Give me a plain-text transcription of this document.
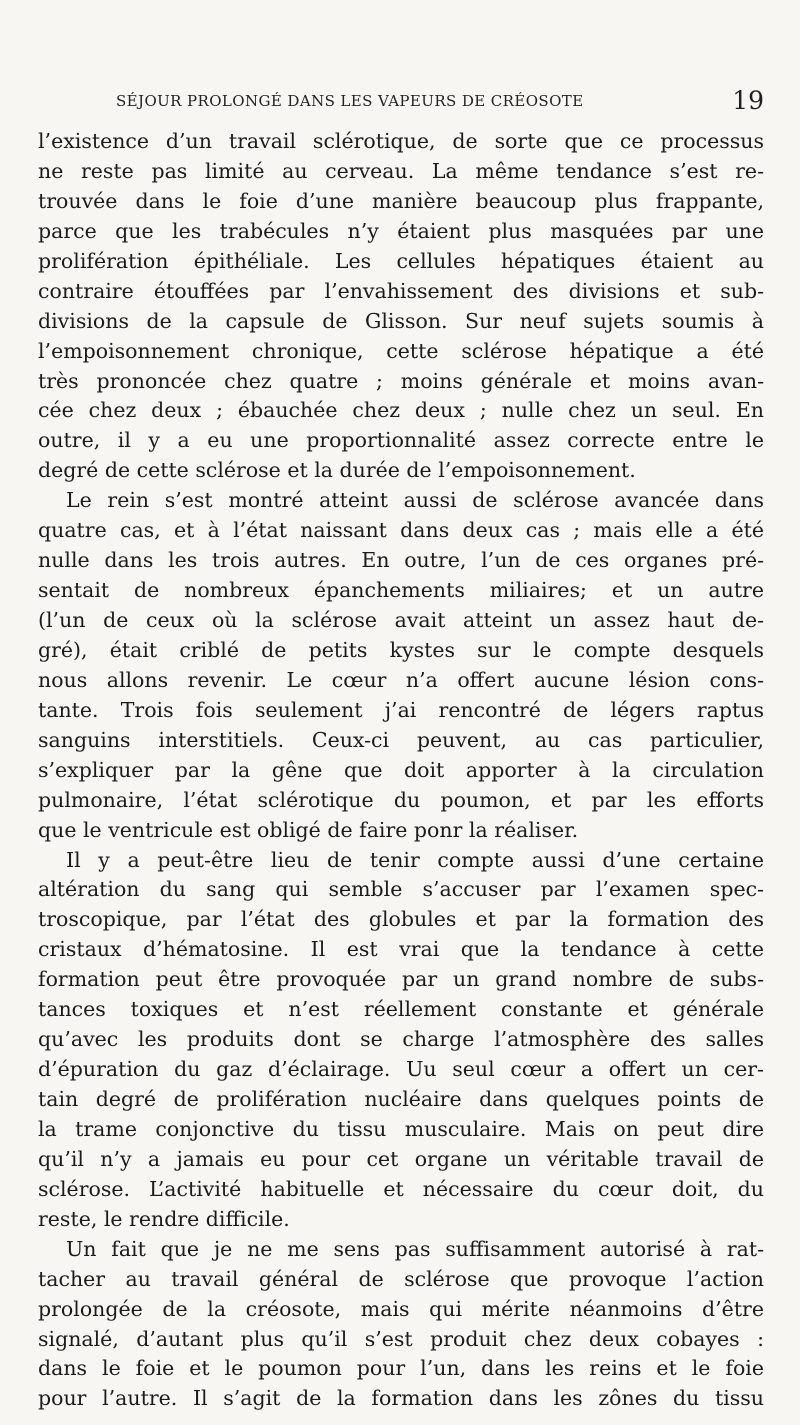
SÉJOUR PROLONGÉ DANS LES VAPEURS DE CRÉOSOTE	19
l’existence d’un travail sclérotique, de sorte que ce processus
ne reste pas limité au cerveau. La même tendance s’est re-
trouvée dans le foie d’une manière beaucoup plus frappante,
parce que les trabécules n’y étaient plus masquées par une
prolifération épithéliale. Les cellules hépatiques étaient au
contraire étouffées par l’envahissement des divisions et sub-
divisions de la capsule de Glisson. Sur neuf sujets soumis à
l’empoisonnement chronique, cette sclérose hépatique a été
très prononcée chez quatre ; moins générale et moins avan-
cée chez deux ; ébauchée chez deux ; nulle chez un seul. En
outre, il y a eu une proportionnalité assez correcte entre le
degré de cette sclérose et la durée de l’empoisonnement.
Le rein s’est montré atteint aussi de sclérose avancée dans
quatre cas, et à l’état naissant dans deux cas ; mais elle a été
nulle dans les trois autres. En outre, l’un de ces organes pré-
sentait de nombreux épanchements miliaires; et un autre
(l’un de ceux où la sclérose avait atteint un assez haut de-
gré), était criblé de petits kystes sur le compte desquels
nous allons revenir. Le cœur n’a offert aucune lésion cons-
tante. Trois fois seulement j’ai rencontré de légers raptus
sanguins interstitiels. Ceux-ci peuvent, au cas particulier,
s’expliquer par la gêne que doit apporter à la circulation
pulmonaire, l’état sclérotique du poumon, et par les efforts
que le ventricule est obligé de faire ponr la réaliser.
Il y a peut-être lieu de tenir compte aussi d’une certaine
altération du sang qui semble s’accuser par l’examen spec-
troscopique, par l’état des globules et par la formation des
cristaux d’hématosine. Il est vrai que la tendance à cette
formation peut être provoquée par un grand nombre de subs-
tances toxiques et n’est réellement constante et générale
qu’avec les produits dont se charge l’atmosphère des salles
d’épuration du gaz d’éclairage. Uu seul cœur a offert un cer-
tain degré de prolifération nucléaire dans quelques points de
la trame conjonctive du tissu musculaire. Mais on peut dire
qu’il n’y a jamais eu pour cet organe un véritable travail de
sclérose. L’activité habituelle et nécessaire du cœur doit, du
reste, le rendre difficile.
Un fait que je ne me sens pas suffisamment autorisé à rat-
tacher au travail général de sclérose que provoque l’action
prolongée de la créosote, mais qui mérite néanmoins d’être
signalé, d’autant plus qu’il s’est produit chez deux cobayes :
dans le foie et le poumon pour l’un, dans les reins et le foie
pour l’autre. Il s’agit de la formation dans les zônes du tissu
